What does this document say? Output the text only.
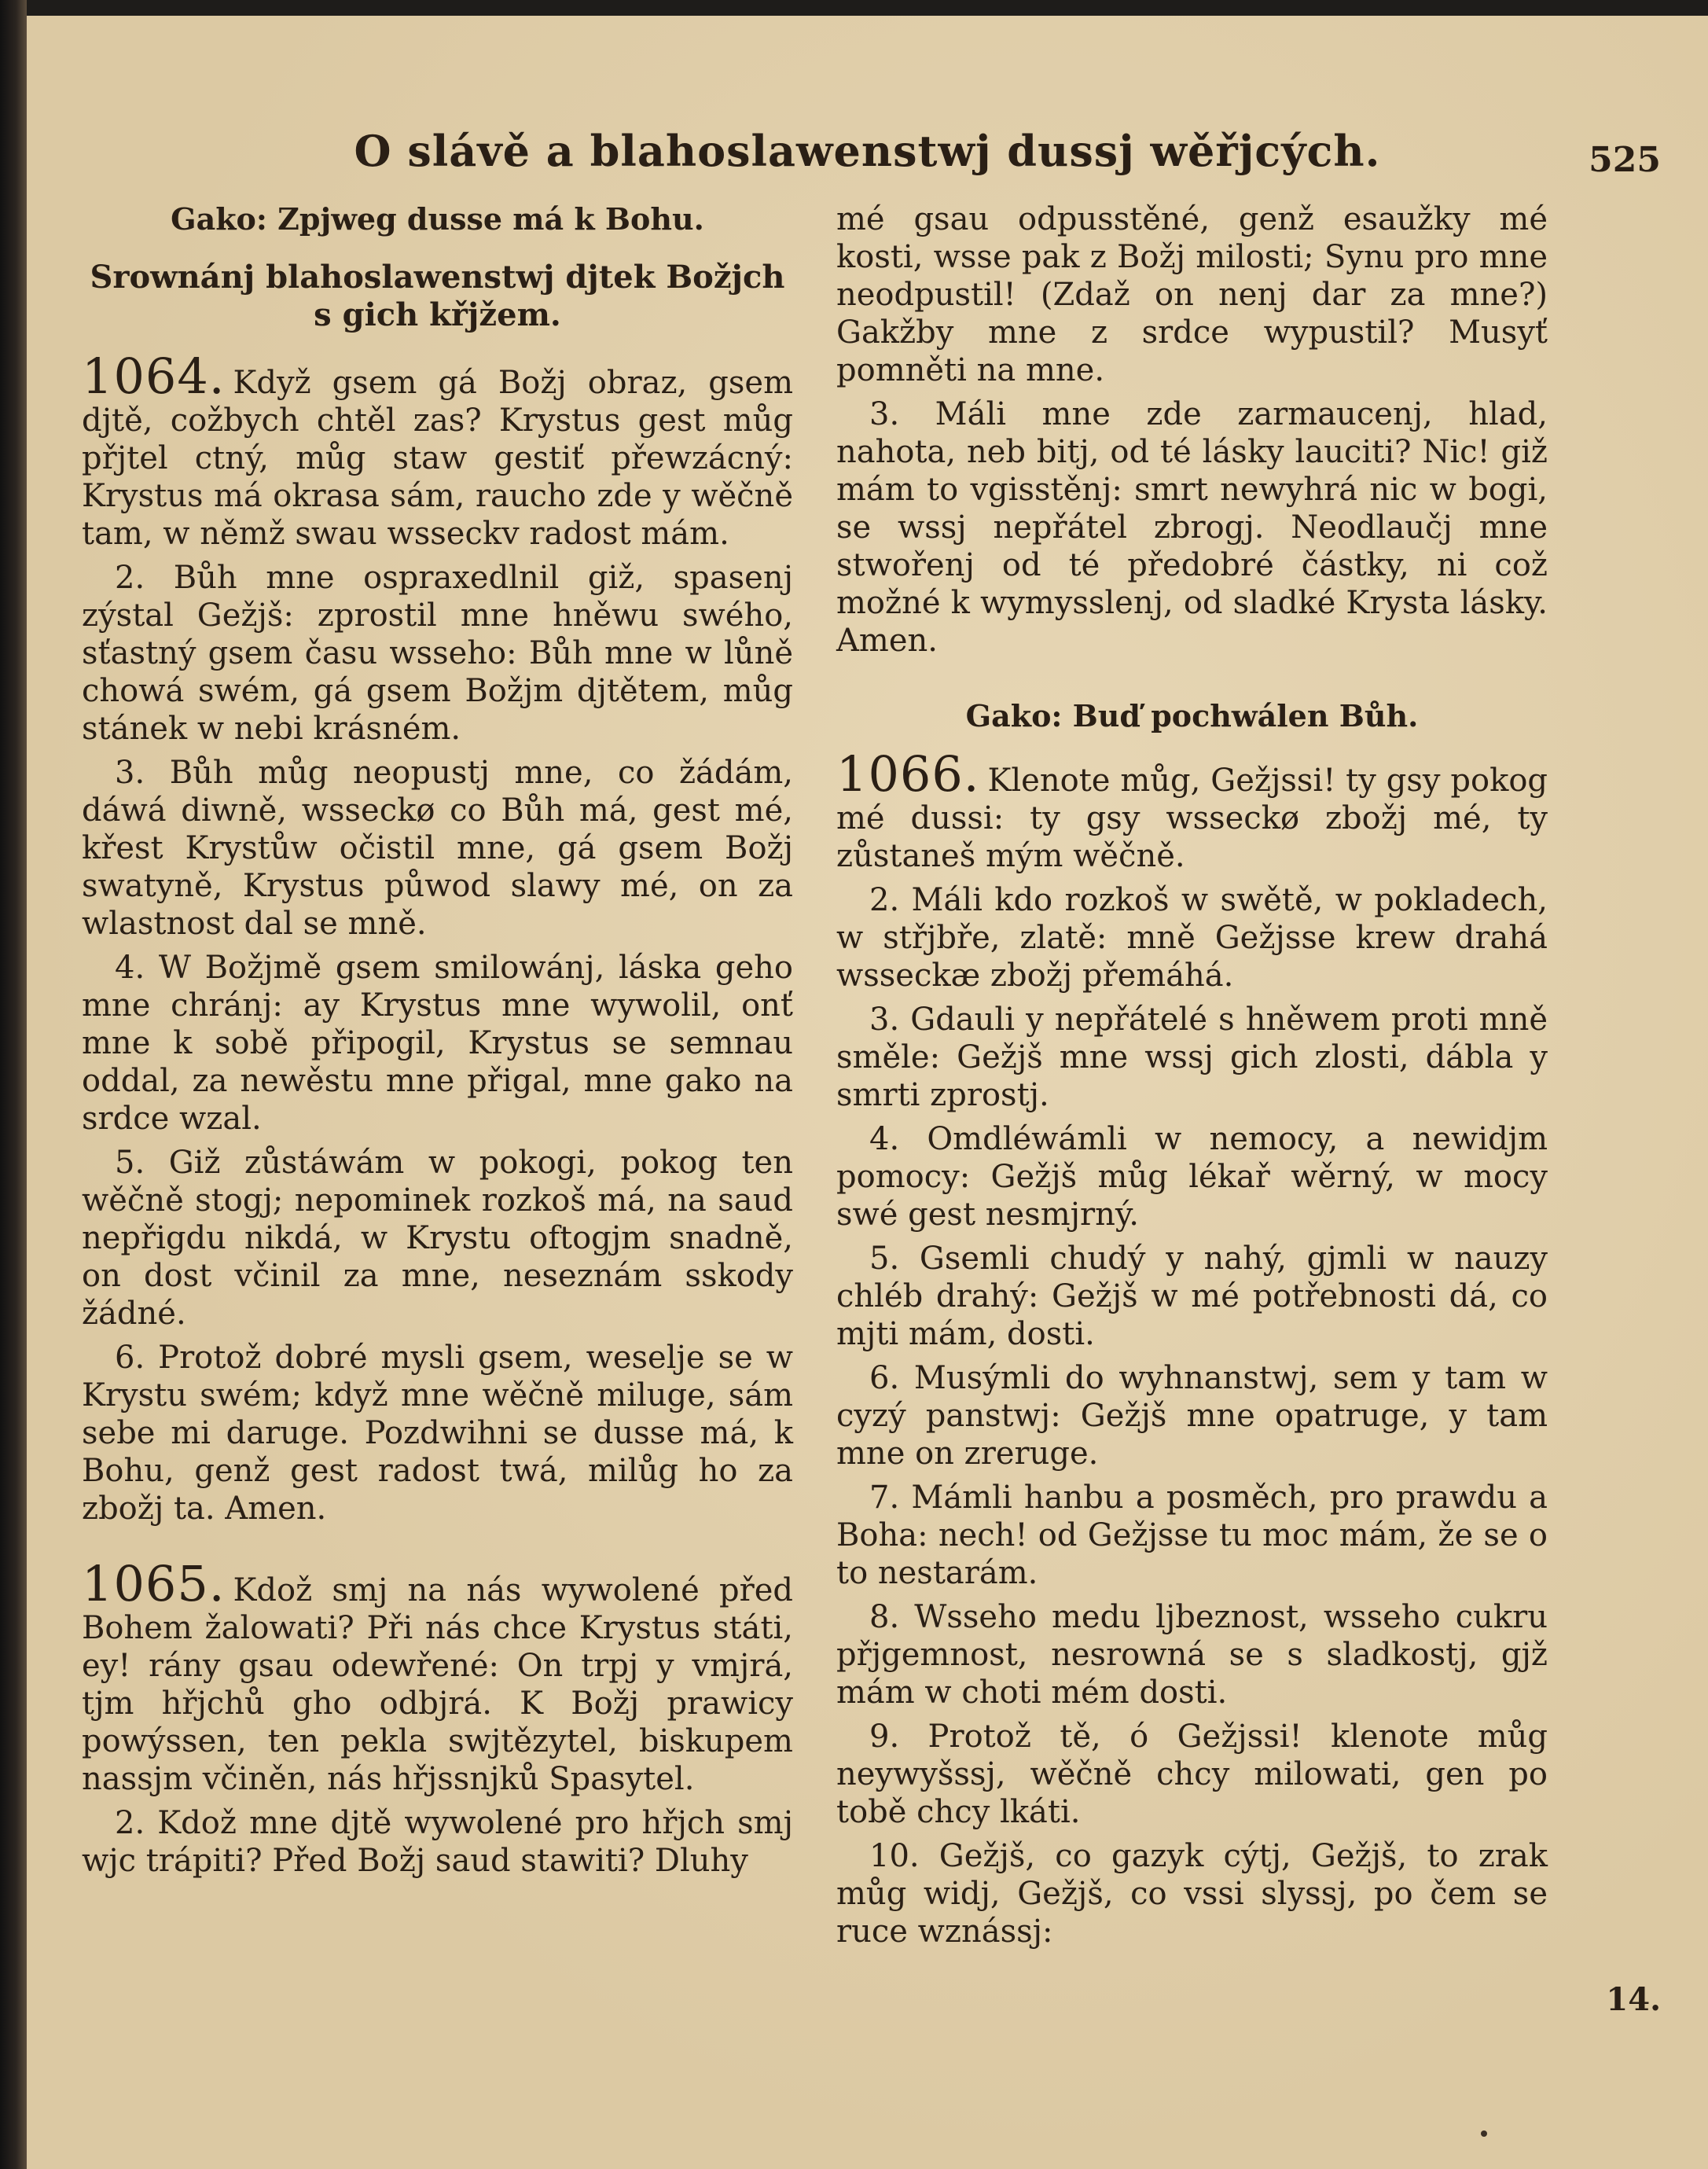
O slávě a blahoslawenstwj dussj wěřjcých.	525

Gako: Zpjweg dusse má k Bohu.

Srownánj blahoslawenstwj djtek Božjch s gich křjžem.

1064. Když gsem gá Božj obraz, gsem djtě, cožbych chtěl zas? Krystus gest můg přjtel ctný, můg staw gestiť přewzácný: Krystus má okrasa sám, raucho zde y wěčně tam, w němž swau wsseckv radost mám.

2. Bůh mne ospraxedlnil giž, spasenj zýstal Gežjš: zprostil mne hněwu swého, sťastný gsem času wsseho: Bůh mne w lůně chowá swém, gá gsem Božjm djtětem, můg stánek w nebi krásném.

3. Bůh můg neopustj mne, co žádám, dáwá diwně, wsseckø co Bůh má, gest mé, křest Krystůw očistil mne, gá gsem Božj swatyně, Krystus půwod slawy mé, on za wlastnost dal se mně.

4. W Božjmě gsem smilowánj, láska geho mne chránj: ay Krystus mne wywolil, onť mne k sobě připogil, Krystus se semnau oddal, za newěstu mne přigal, mne gako na srdce wzal.

5. Giž zůstáwám w pokogi, pokog ten wěčně stogj; nepominek rozkoš má, na saud nepřigdu nikdá, w Krystu oftogjm snadně, on dost včinil za mne, neseznám sskody žádné.

6. Protož dobré mysli gsem, weselje se w Krystu swém; když mne wěčně miluge, sám sebe mi daruge. Pozdwihni se dusse má, k Bohu, genž gest radost twá, milůg ho za zbožj ta. Amen.

1065. Kdož smj na nás wywolené před Bohem žalowati? Při nás chce Krystus státi, ey! rány gsau odewřené: On trpj y vmjrá, tjm hřjchů gho odbjrá. K Božj prawicy powýssen, ten pekla swjtězytel, biskupem nassjm včiněn, nás hřjssnjků Spasytel.

2. Kdož mne djtě wywolené pro hřjch smj wjc trápiti? Před Božj saud stawiti? Dluhy

mé gsau odpusstěné, genž esaužky mé kosti, wsse pak z Božj milosti; Synu pro mne neodpustil! (Zdaž on nenj dar za mne?) Gakžby mne z srdce wypustil? Musyť pomněti na mne.

3. Máli mne zde zarmaucenj, hlad, nahota, neb bitj, od té lásky lauciti? Nic! giž mám to vgisstěnj: smrt newyhrá nic w bogi, se wssj nepřátel zbrogj. Neodlaučj mne stwořenj od té předobré částky, ni což možné k wymysslenj, od sladké Krysta lásky. Amen.

Gako: Buď pochwálen Bůh.

1066. Klenote můg, Gežjssi! ty gsy pokog mé dussi: ty gsy wsseckø zbožj mé, ty zůstaneš mým wěčně.

2. Máli kdo rozkoš w swětě, w pokladech, w střjbře, zlatě: mně Gežjsse krew drahá wsseckæ zbožj přemáhá.

3. Gdauli y nepřátelé s hněwem proti mně směle: Gežjš mne wssj gich zlosti, dábla y smrti zprostj.

4. Omdléwámli w nemocy, a newidjm pomocy: Gežjš můg lékař wěrný, w mocy swé gest nesmjrný.

5. Gsemli chudý y nahý, gjmli w nauzy chléb drahý: Gežjš w mé potřebnosti dá, co mjti mám, dosti.

6. Musýmli do wyhnanstwj, sem y tam w cyzý panstwj: Gežjš mne opatruge, y tam mne on zreruge.

7. Mámli hanbu a posměch, pro prawdu a Boha: nech! od Gežjsse tu moc mám, že se o to nestarám.

8. Wsseho medu ljbeznost, wsseho cukru přjgemnost, nesrowná se s sladkostj, gjž mám w choti mém dosti.

9. Protož tě, ó Gežjssi! klenote můg neywyšssj, wěčně chcy milowati, gen po tobě chcy lkáti.

10. Gežjš, co gazyk cýtj, Gežjš, to zrak můg widj, Gežjš, co vssi slyssj, po čem se ruce wznássj:

14.
